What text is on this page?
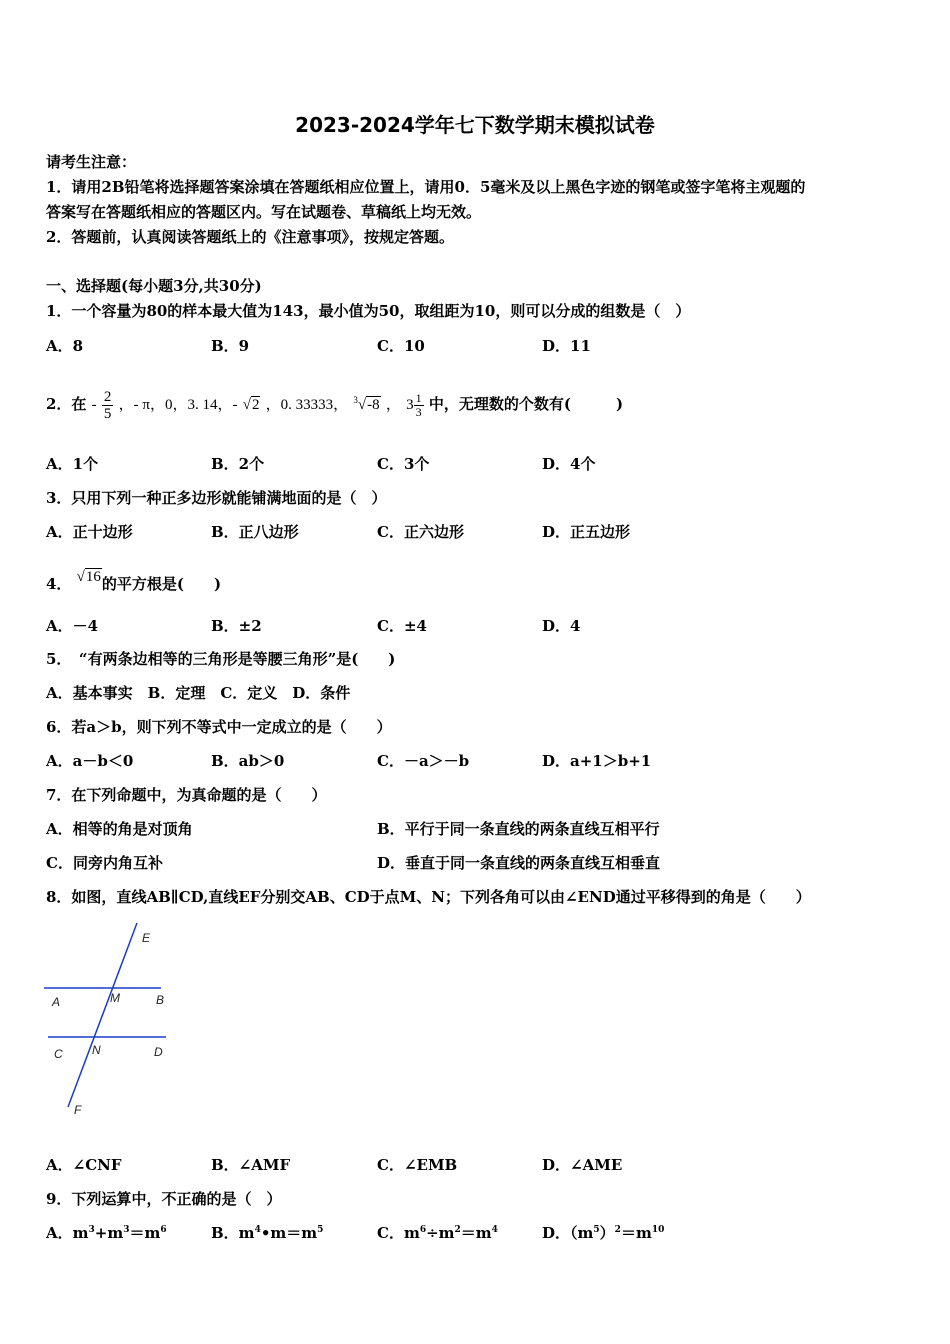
2023-2024学年七下数学期末模拟试卷
请考生注意：
1．请用2B铅笔将选择题答案涂填在答题纸相应位置上，请用0．5毫米及以上黑色字迹的钢笔或签字笔将主观题的
答案写在答题纸相应的答题区内。写在试题卷、草稿纸上均无效。
2．答题前，认真阅读答题纸上的《注意事项》，按规定答题。
一、选择题(每小题3分,共30分)
1．一个容量为80的样本最大值为143，最小值为50，取组距为10，则可以分成的组数是（　）
A．8	B．9	C．10	D．11
2．在 - $\frac{2}{5}$ ，- π，0，3. 14，- √2 ，0. 33333， $^3$√-8 ， $3 \frac{1}{3}$ 中，无理数的个数有(　　　)
A．1个	B．2个	C．3个	D．4个
3．只用下列一种正多边形就能铺满地面的是（　）
A．正十边形	B．正八边形	C．正六边形	D．正五边形
4． √16的平方根是(　　)
A．－4	B．±2	C．±4	D．4
5．　“有两条边相等的三角形是等腰三角形”是(　　)
A．基本事实　B．定理　C．定义　D．条件
6．若a＞b，则下列不等式中一定成立的是（　　）
A．a－b＜0	B．ab＞0	C．－a＞－b	D．a+1＞b+1
7．在下列命题中，为真命题的是（　　）
A．相等的角是对顶角	B．平行于同一条直线的两条直线互相平行
C．同旁内角互补	D．垂直于同一条直线的两条直线互相垂直
8．如图，直线AB∥CD,直线EF分别交AB、CD于点M、N；下列各角可以由∠END通过平移得到的角是（　　）
E
A	M	B
C N	D
F
A．∠CNF	B．∠AMF	C．∠EMB	D．∠AME
9．下列运算中，不正确的是（　）
A．$m^3+m^3=m^6$	B．$m^4•m=m^5$	C．$m^6\div m^2=m^4$	D．$(m^5)^2=m^{10}$
